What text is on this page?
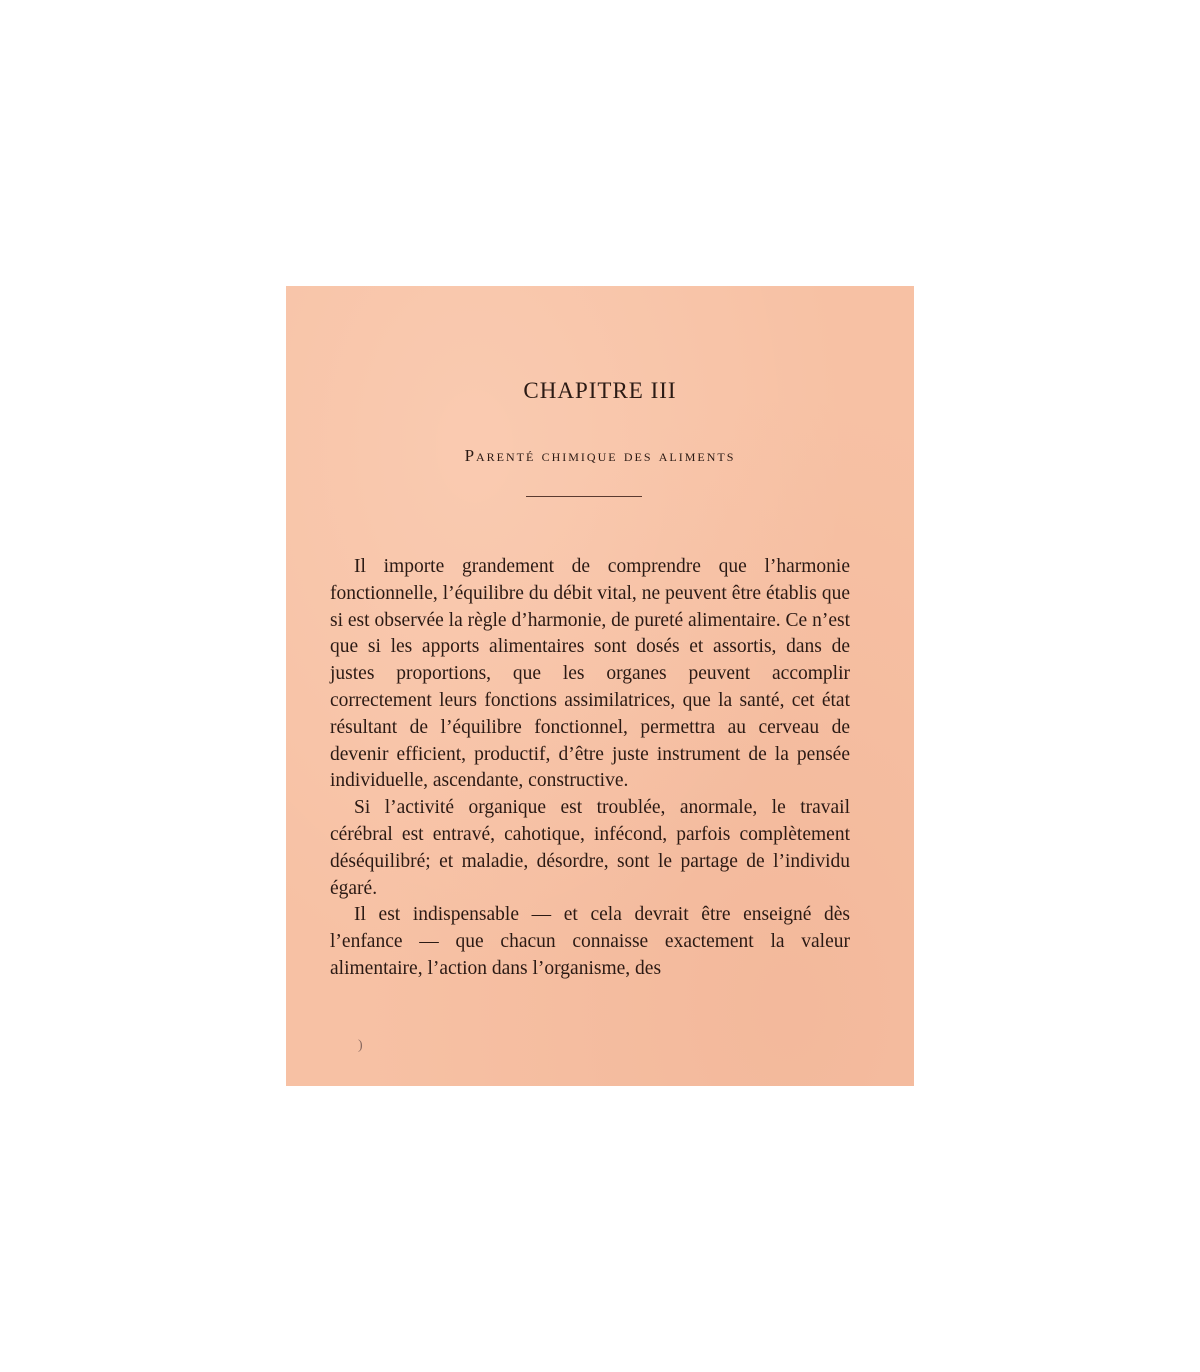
CHAPITRE III
Parenté chimique des aliments

Il importe grandement de comprendre que l’harmonie fonctionnelle, l’équilibre du débit vital, ne peuvent être établis que si est observée la règle d’harmonie, de pureté alimentaire. Ce n’est que si les apports alimentaires sont dosés et assortis, dans de justes proportions, que les organes peuvent accomplir correctement leurs fonctions assimilatrices, que la santé, cet état résultant de l’équilibre fonctionnel, permettra au cerveau de devenir efficient, productif, d’être juste instrument de la pensée individuelle, ascendante, constructive.

Si l’activité organique est troublée, anormale, le travail cérébral est entravé, cahotique, infécond, parfois complètement déséquilibré; et maladie, désordre, sont le partage de l’individu égaré.

Il est indispensable — et cela devrait être enseigné dès l’enfance — que chacun connaisse exactement la valeur alimentaire, l’action dans l’organisme, des

)
